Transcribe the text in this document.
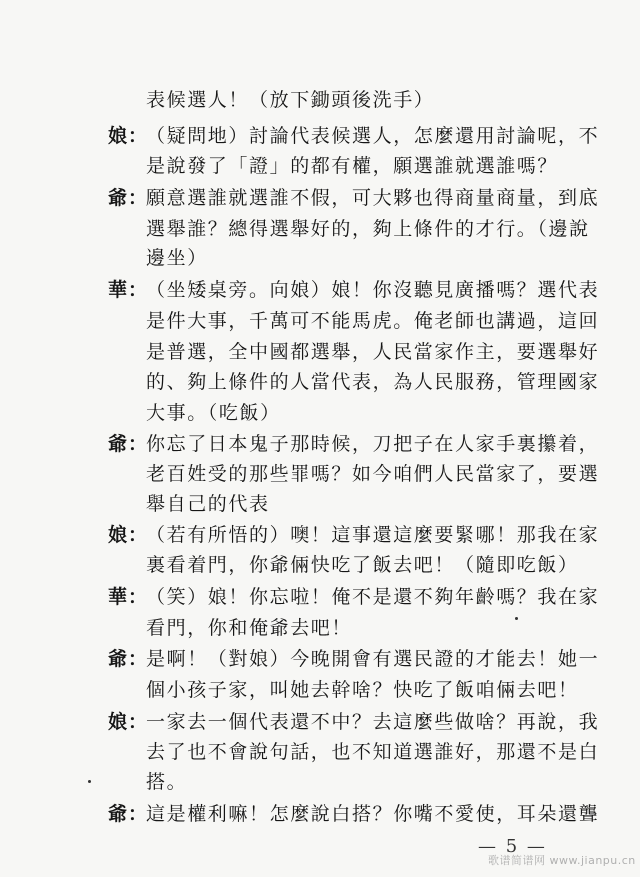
表候選人！（放下鋤頭後洗手）
娘：
（疑問地）討論代表候選人，怎麼還用討論呢，不
是說發了「證」的都有權，願選誰就選誰嗎？
爺：
願意選誰就選誰不假，可大夥也得商量商量，到底
選舉誰？總得選舉好的，夠上條件的才行。（邊說
邊坐）
華：
（坐矮桌旁。向娘）娘！你沒聽見廣播嗎？選代表
是件大事，千萬可不能馬虎。俺老師也講過，這回
是普選，全中國都選舉，人民當家作主，要選舉好
的、夠上條件的人當代表，為人民服務，管理國家
大事。（吃飯）
爺：
你忘了日本鬼子那時候，刀把子在人家手裏攥着，
老百姓受的那些罪嗎？如今咱們人民當家了，要選
舉自己的代表
娘：
（若有所悟的）噢！這事還這麼要緊哪！那我在家
裏看着門，你爺倆快吃了飯去吧！（隨即吃飯）
華：
（笑）娘！你忘啦！俺不是還不夠年齡嗎？我在家
看門，你和俺爺去吧！
爺：
是啊！（對娘）今晚開會有選民證的才能去！她一
個小孩子家，叫她去幹啥？快吃了飯咱倆去吧！
娘：
一家去一個代表還不中？去這麼些做啥？再說，我
去了也不會說句話，也不知道選誰好，那還不是白
搭。
爺：
這是權利嘛！怎麼說白搭？你嘴不愛使，耳朵還聾
— 5 —
歌谱简谱网 www.jianpu.cn
